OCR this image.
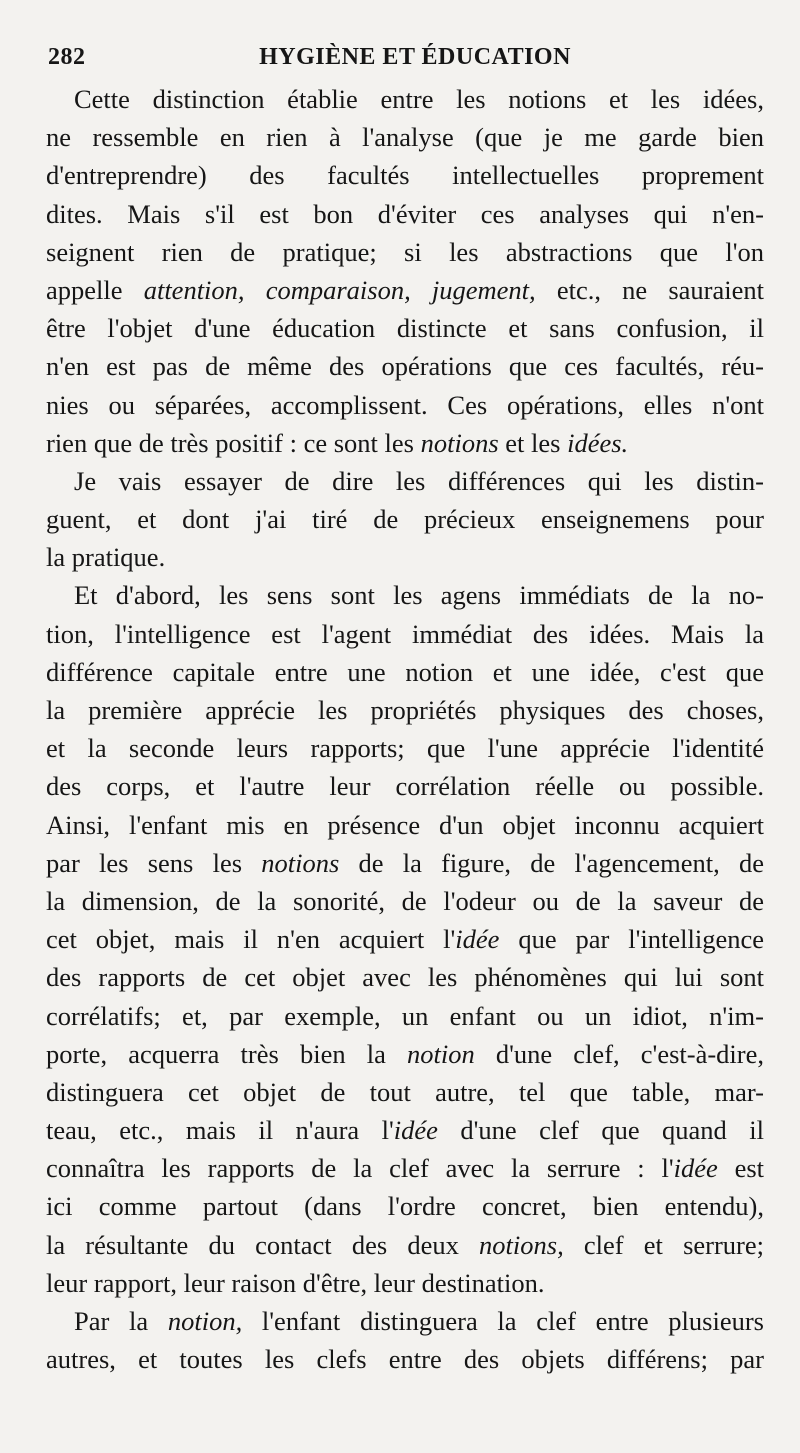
282	HYGIÈNE ET ÉDUCATION
Cette distinction établie entre les notions et les idées,
ne ressemble en rien à l'analyse (que je me garde bien
d'entreprendre) des facultés intellectuelles proprement
dites. Mais s'il est bon d'éviter ces analyses qui n'en-
seignent rien de pratique; si les abstractions que l'on
appelle attention, comparaison, jugement, etc., ne sauraient
être l'objet d'une éducation distincte et sans confusion, il
n'en est pas de même des opérations que ces facultés, réu-
nies ou séparées, accomplissent. Ces opérations, elles n'ont
rien que de très positif : ce sont les notions et les idées.
Je vais essayer de dire les différences qui les distin-
guent, et dont j'ai tiré de précieux enseignemens pour
la pratique.
Et d'abord, les sens sont les agens immédiats de la no-
tion, l'intelligence est l'agent immédiat des idées. Mais la
différence capitale entre une notion et une idée, c'est que
la première apprécie les propriétés physiques des choses,
et la seconde leurs rapports; que l'une apprécie l'identité
des corps, et l'autre leur corrélation réelle ou possible.
Ainsi, l'enfant mis en présence d'un objet inconnu acquiert
par les sens les notions de la figure, de l'agencement, de
la dimension, de la sonorité, de l'odeur ou de la saveur de
cet objet, mais il n'en acquiert l'idée que par l'intelligence
des rapports de cet objet avec les phénomènes qui lui sont
corrélatifs; et, par exemple, un enfant ou un idiot, n'im-
porte, acquerra très bien la notion d'une clef, c'est-à-dire,
distinguera cet objet de tout autre, tel que table, mar-
teau, etc., mais il n'aura l'idée d'une clef que quand il
connaîtra les rapports de la clef avec la serrure : l'idée est
ici comme partout (dans l'ordre concret, bien entendu),
la résultante du contact des deux notions, clef et serrure;
leur rapport, leur raison d'être, leur destination.
Par la notion, l'enfant distinguera la clef entre plusieurs
autres, et toutes les clefs entre des objets différens; par
